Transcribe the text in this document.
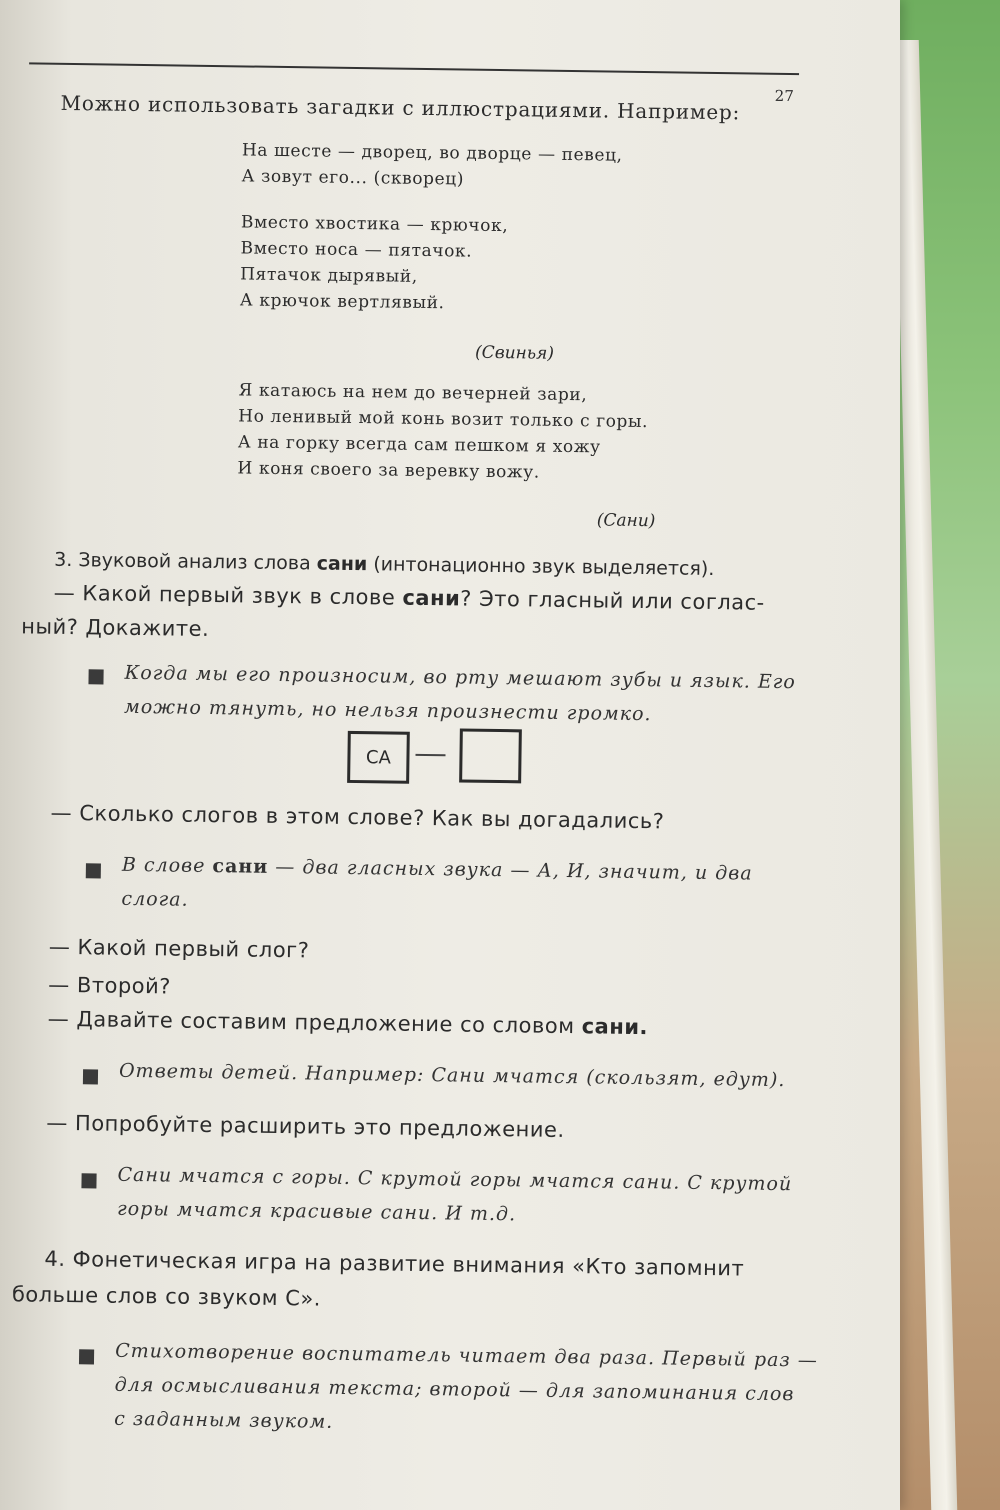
27
Можно использовать загадки с иллюстрациями. Например:
На шесте — дворец, во дворце — певец,
А зовут его... (скворец)
Вместо хвостика — крючок,
Вместо носа — пятачок.
Пятачок дырявый,
А крючок вертлявый.
(Свинья)
Я катаюсь на нем до вечерней зари,
Но ленивый мой конь возит только с горы.
А на горку всегда сам пешком я хожу
И коня своего за веревку вожу.
(Сани)
3. Звуковой анализ слова сани (интонационно звук выделяется).
— Какой первый звук в слове сани? Это гласный или соглас-
ный? Докажите.
Когда мы его произносим, во рту мешают зубы и язык. Его
можно тянуть, но нельзя произнести громко.
СА
— Сколько слогов в этом слове? Как вы догадались?
В слове сани — два гласных звука — А, И, значит, и два
слога.
— Какой первый слог?
— Второй?
— Давайте составим предложение со словом сани.
Ответы детей. Например: Сани мчатся (скользят, едут).
— Попробуйте расширить это предложение.
Сани мчатся с горы. С крутой горы мчатся сани. С крутой
горы мчатся красивые сани. И т.д.
4. Фонетическая игра на развитие внимания «Кто запомнит
больше слов со звуком С».
Стихотворение воспитатель читает два раза. Первый раз —
для осмысливания текста; второй — для запоминания слов
с заданным звуком.
